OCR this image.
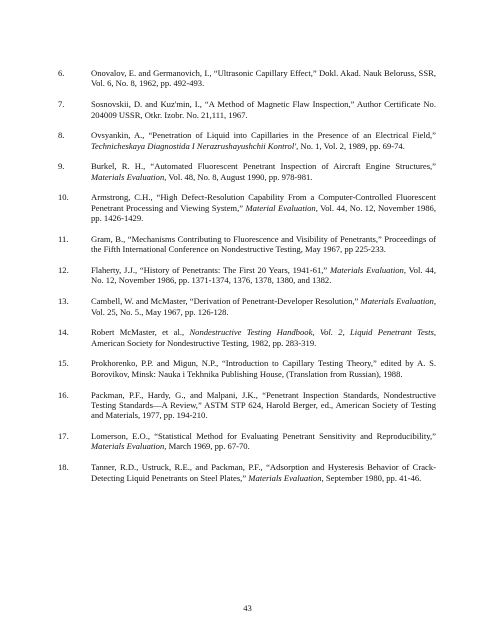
6.	Onovalov, E. and Germanovich, I., “Ultrasonic Capillary Effect,” Dokl. Akad. Nauk Beloruss, SSR, Vol. 6, No. 8, 1962, pp. 492-493.
7.	Sosnovskii, D. and Kuz'min, I., “A Method of Magnetic Flaw Inspection,” Author Certificate No. 204009 USSR, Otkr. Izobr. No. 21,111, 1967.
8.	Ovsyankin, A., “Penetration of Liquid into Capillaries in the Presence of an Electrical Field,” Technicheskaya Diagnostida I Nerazrushayushchii Kontrol', No. 1, Vol. 2, 1989, pp. 69-74.
9.	Burkel, R. H., “Automated Fluorescent Penetrant Inspection of Aircraft Engine Structures,” Materials Evaluation, Vol. 48, No. 8, August 1990, pp. 978-981.
10.	Armstrong, C.H., “High Defect-Resolution Capability From a Computer-Controlled Fluorescent Penetrant Processing and Viewing System,” Material Evaluation, Vol. 44, No. 12, November 1986, pp. 1426-1429.
11.	Gram, B., “Mechanisms Contributing to Fluorescence and Visibility of Penetrants,” Proceedings of the Fifth International Conference on Nondestructive Testing, May 1967, pp 225-233.
12.	Flaherty, J.J., “History of Penetrants: The First 20 Years, 1941-61,” Materials Evaluation, Vol. 44, No. 12, November 1986, pp. 1371-1374, 1376, 1378, 1380, and 1382.
13.	Cambell, W. and McMaster, “Derivation of Penetrant-Developer Resolution,” Materials Evaluation, Vol. 25, No. 5., May 1967, pp. 126-128.
14.	Robert McMaster, et al., Nondestructive Testing Handbook, Vol. 2, Liquid Penetrant Tests, American Society for Nondestructive Testing, 1982, pp. 283-319.
15.	Prokhorenko, P.P. and Migun, N.P., “Introduction to Capillary Testing Theory,” edited by A. S. Borovikov, Minsk: Nauka i Tekhnika Publishing House, (Translation from Russian), 1988.
16.	Packman, P.F., Hardy, G., and Malpani, J.K., “Penetrant Inspection Standards, Nondestructive Testing Standards—A Review,” ASTM STP 624, Harold Berger, ed., American Society of Testing and Materials, 1977, pp. 194-210.
17.	Lomerson, E.O., “Statistical Method for Evaluating Penetrant Sensitivity and Reproducibility,” Materials Evaluation, March 1969, pp. 67-70.
18.	Tanner, R.D., Ustruck, R.E., and Packman, P.F., “Adsorption and Hysteresis Behavior of Crack-Detecting Liquid Penetrants on Steel Plates,” Materials Evaluation, September 1980, pp. 41-46.
43
